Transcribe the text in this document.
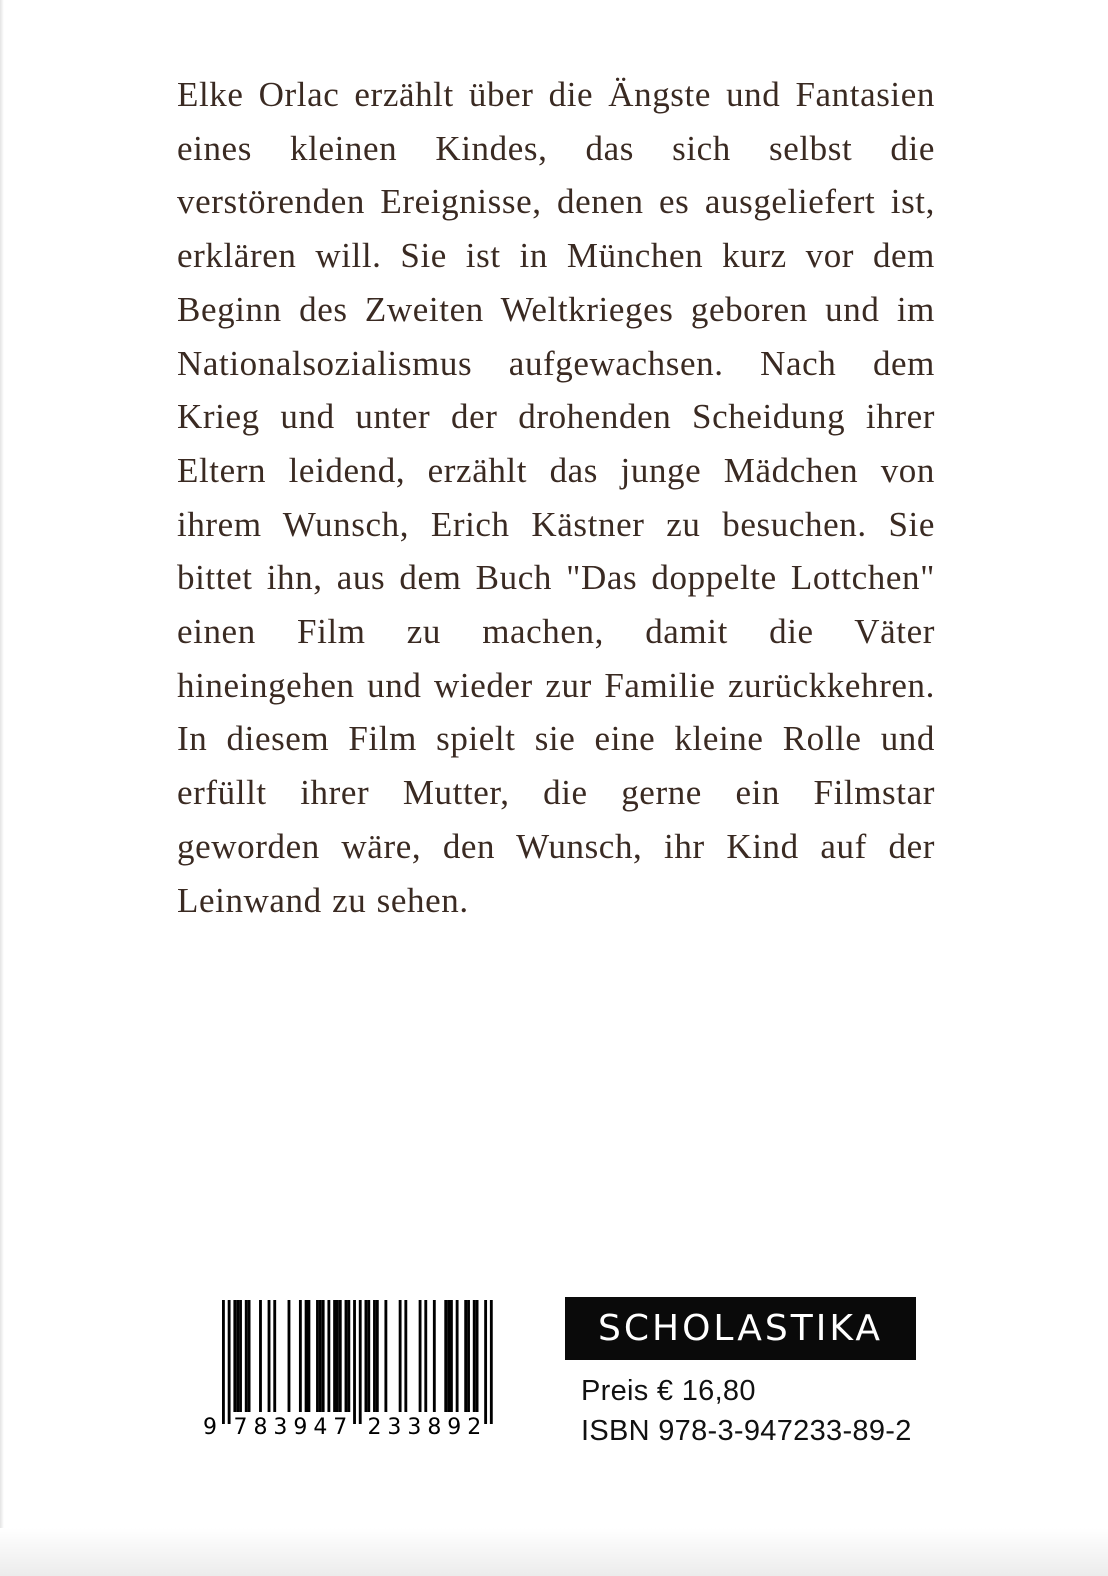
Elke Orlac erzählt über die Ängste und Fantasien eines kleinen Kindes, das sich selbst die verstörenden Ereignisse, denen es ausgeliefert ist, erklären will. Sie ist in München kurz vor dem Beginn des Zweiten Weltkrieges geboren und im Nationalsozialismus aufgewachsen. Nach dem Krieg und unter der drohenden Scheidung ihrer Eltern leidend, erzählt das junge Mädchen von ihrem Wunsch, Erich Kästner zu besuchen. Sie bittet ihn, aus dem Buch "Das doppelte Lottchen" einen Film zu machen, damit die Väter hineingehen und wieder zur Familie zurückkehren. In diesem Film spielt sie eine kleine Rolle und erfüllt ihrer Mutter, die gerne ein Filmstar geworden wäre, den Wunsch, ihr Kind auf der Leinwand zu sehen.

9 7 8 3 9 4 7 2 3 3 8 9 2
SCHOLASTIKA
Preis € 16,80
ISBN 978-3-947233-89-2
